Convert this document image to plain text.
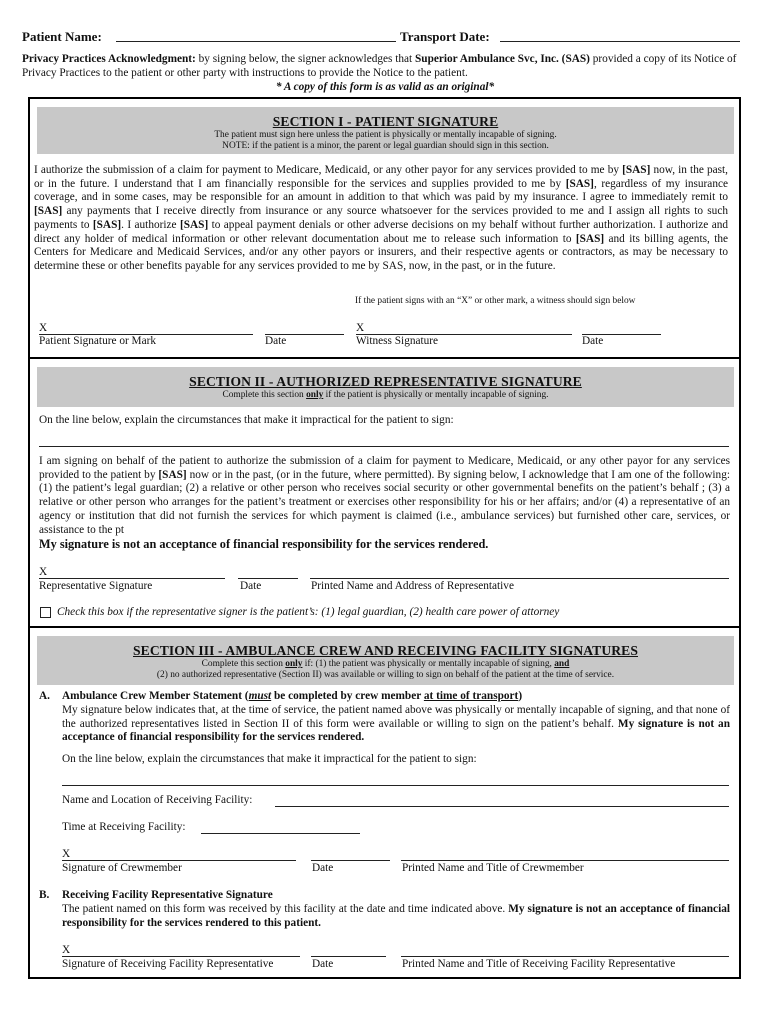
Patient Name:	Transport Date:
Privacy Practices Acknowledgment: by signing below, the signer acknowledges that Superior Ambulance Svc, Inc. (SAS) provided a copy of its Notice of Privacy Practices to the patient or other party with instructions to provide the Notice to the patient.
* A copy of this form is as valid as an original*
SECTION I - PATIENT SIGNATURE
The patient must sign here unless the patient is physically or mentally incapable of signing.
NOTE: if the patient is a minor, the parent or legal guardian should sign in this section.
I authorize the submission of a claim for payment to Medicare, Medicaid, or any other payor for any services provided to me by [SAS] now, in the past, or in the future. I understand that I am financially responsible for the services and supplies provided to me by [SAS], regardless of my insurance coverage, and in some cases, may be responsible for an amount in addition to that which was paid by my insurance. I agree to immediately remit to [SAS] any payments that I receive directly from insurance or any source whatsoever for the services provided to me and I assign all rights to such payments to [SAS]. I authorize [SAS] to appeal payment denials or other adverse decisions on my behalf without further authorization. I authorize and direct any holder of medical information or other relevant documentation about me to release such information to [SAS] and its billing agents, the Centers for Medicare and Medicaid Services, and/or any other payors or insurers, and their respective agents or contractors, as may be necessary to determine these or other benefits payable for any services provided to me by SAS, now, in the past, or in the future.
If the patient signs with an “X” or other mark, a witness should sign below
X	X
Patient Signature or Mark	Date	Witness Signature	Date
SECTION II - AUTHORIZED REPRESENTATIVE SIGNATURE
Complete this section only if the patient is physically or mentally incapable of signing.
On the line below, explain the circumstances that make it impractical for the patient to sign:
I am signing on behalf of the patient to authorize the submission of a claim for payment to Medicare, Medicaid, or any other payor for any services provided to the patient by [SAS] now or in the past, (or in the future, where permitted). By signing below, I acknowledge that I am one of the following: (1) the patient’s legal guardian; (2) a relative or other person who receives social security or other governmental benefits on the patient’s behalf ; (3) a relative or other person who arranges for the patient’s treatment or exercises other responsibility for his or her affairs; and/or (4) a representative of an agency or institution that did not furnish the services for which payment is claimed (i.e., ambulance services) but furnished other care, services, or assistance to the pt
My signature is not an acceptance of financial responsibility for the services rendered.
X
Representative Signature	Date	Printed Name and Address of Representative
Check this box if the representative signer is the patient’s: (1) legal guardian, (2) health care power of attorney
SECTION III - AMBULANCE CREW AND RECEIVING FACILITY SIGNATURES
Complete this section only if: (1) the patient was physically or mentally incapable of signing, and
(2) no authorized representative (Section II) was available or willing to sign on behalf of the patient at the time of service.
A. Ambulance Crew Member Statement (must be completed by crew member at time of transport)
My signature below indicates that, at the time of service, the patient named above was physically or mentally incapable of signing, and that none of the authorized representatives listed in Section II of this form were available or willing to sign on the patient’s behalf. My signature is not an acceptance of financial responsibility for the services rendered.
On the line below, explain the circumstances that make it impractical for the patient to sign:
Name and Location of Receiving Facility:
Time at Receiving Facility:
X
Signature of Crewmember	Date	Printed Name and Title of Crewmember
B. Receiving Facility Representative Signature
The patient named on this form was received by this facility at the date and time indicated above. My signature is not an acceptance of financial responsibility for the services rendered to this patient.
X
Signature of Receiving Facility Representative	Date	Printed Name and Title of Receiving Facility Representative
